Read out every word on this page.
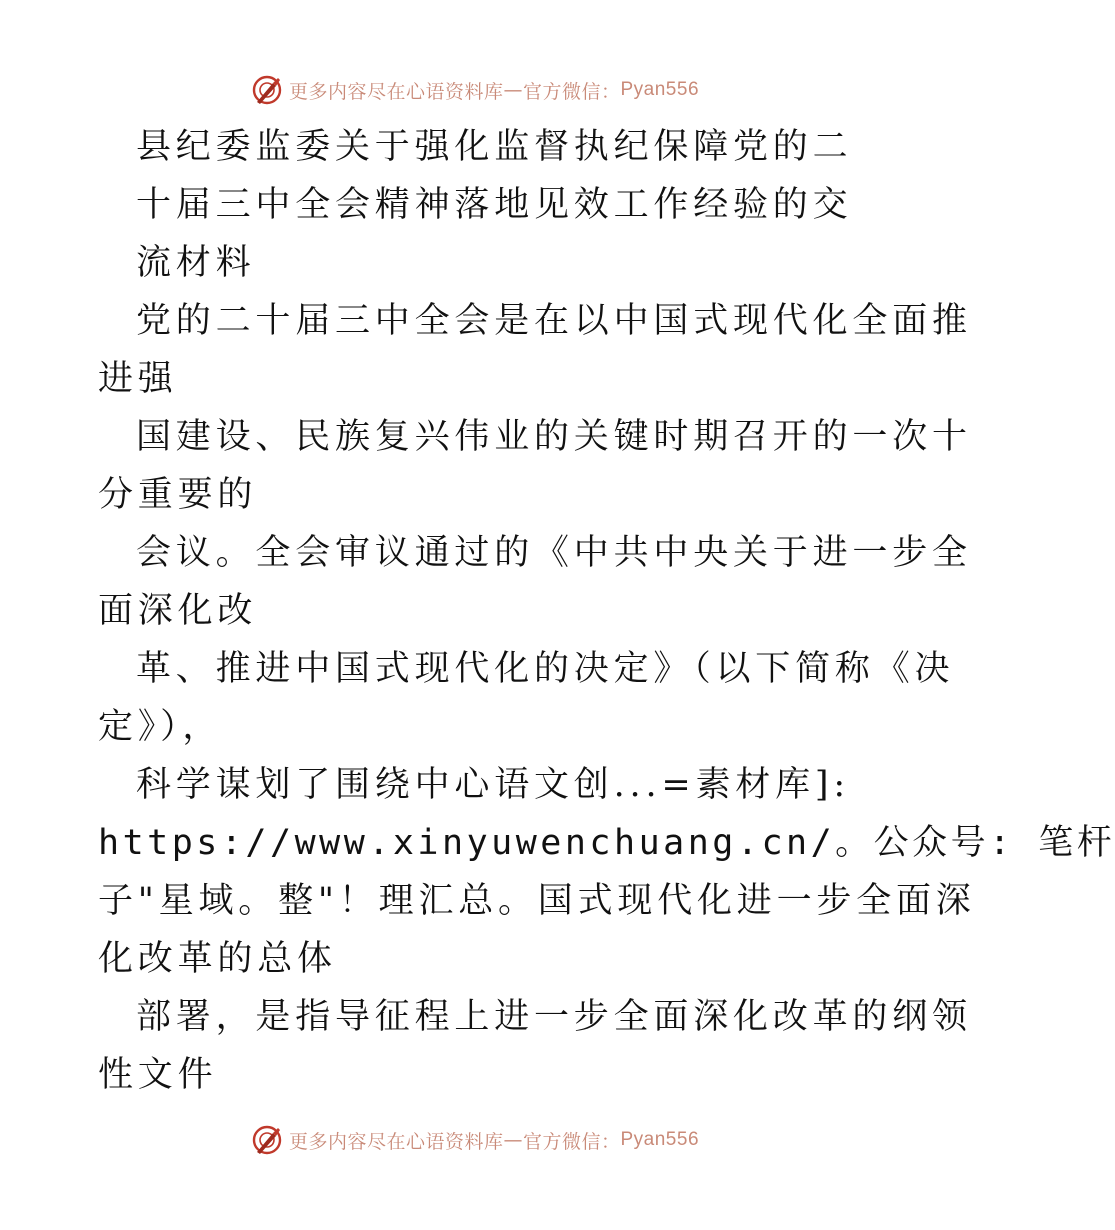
更多内容尽在心语资料库 — 官方微信： Pyan556
县纪委监委关于强化监督执纪保障党的二
十届三中全会精神落地见效工作经验的交
流材料
党的二十届三中全会是在以中国式现代化全面推
进强
国建设、民族复兴伟业的关键时期召开的一次十
分重要的
会议。全会审议通过的《中共中央关于进一步全
面深化改
革、推进中国式现代化的决定》（以下简称《决
定》），
科学谋划了围绕中心语文创...=素材库]:
https://www.xinyuwenchuang.cn/。公众号: 笔杆
子"星域。整"！理汇总。国式现代化进一步全面深
化改革的总体
部署，是指导征程上进一步全面深化改革的纲领
性文件
更多内容尽在心语资料库 — 官方微信： Pyan556
